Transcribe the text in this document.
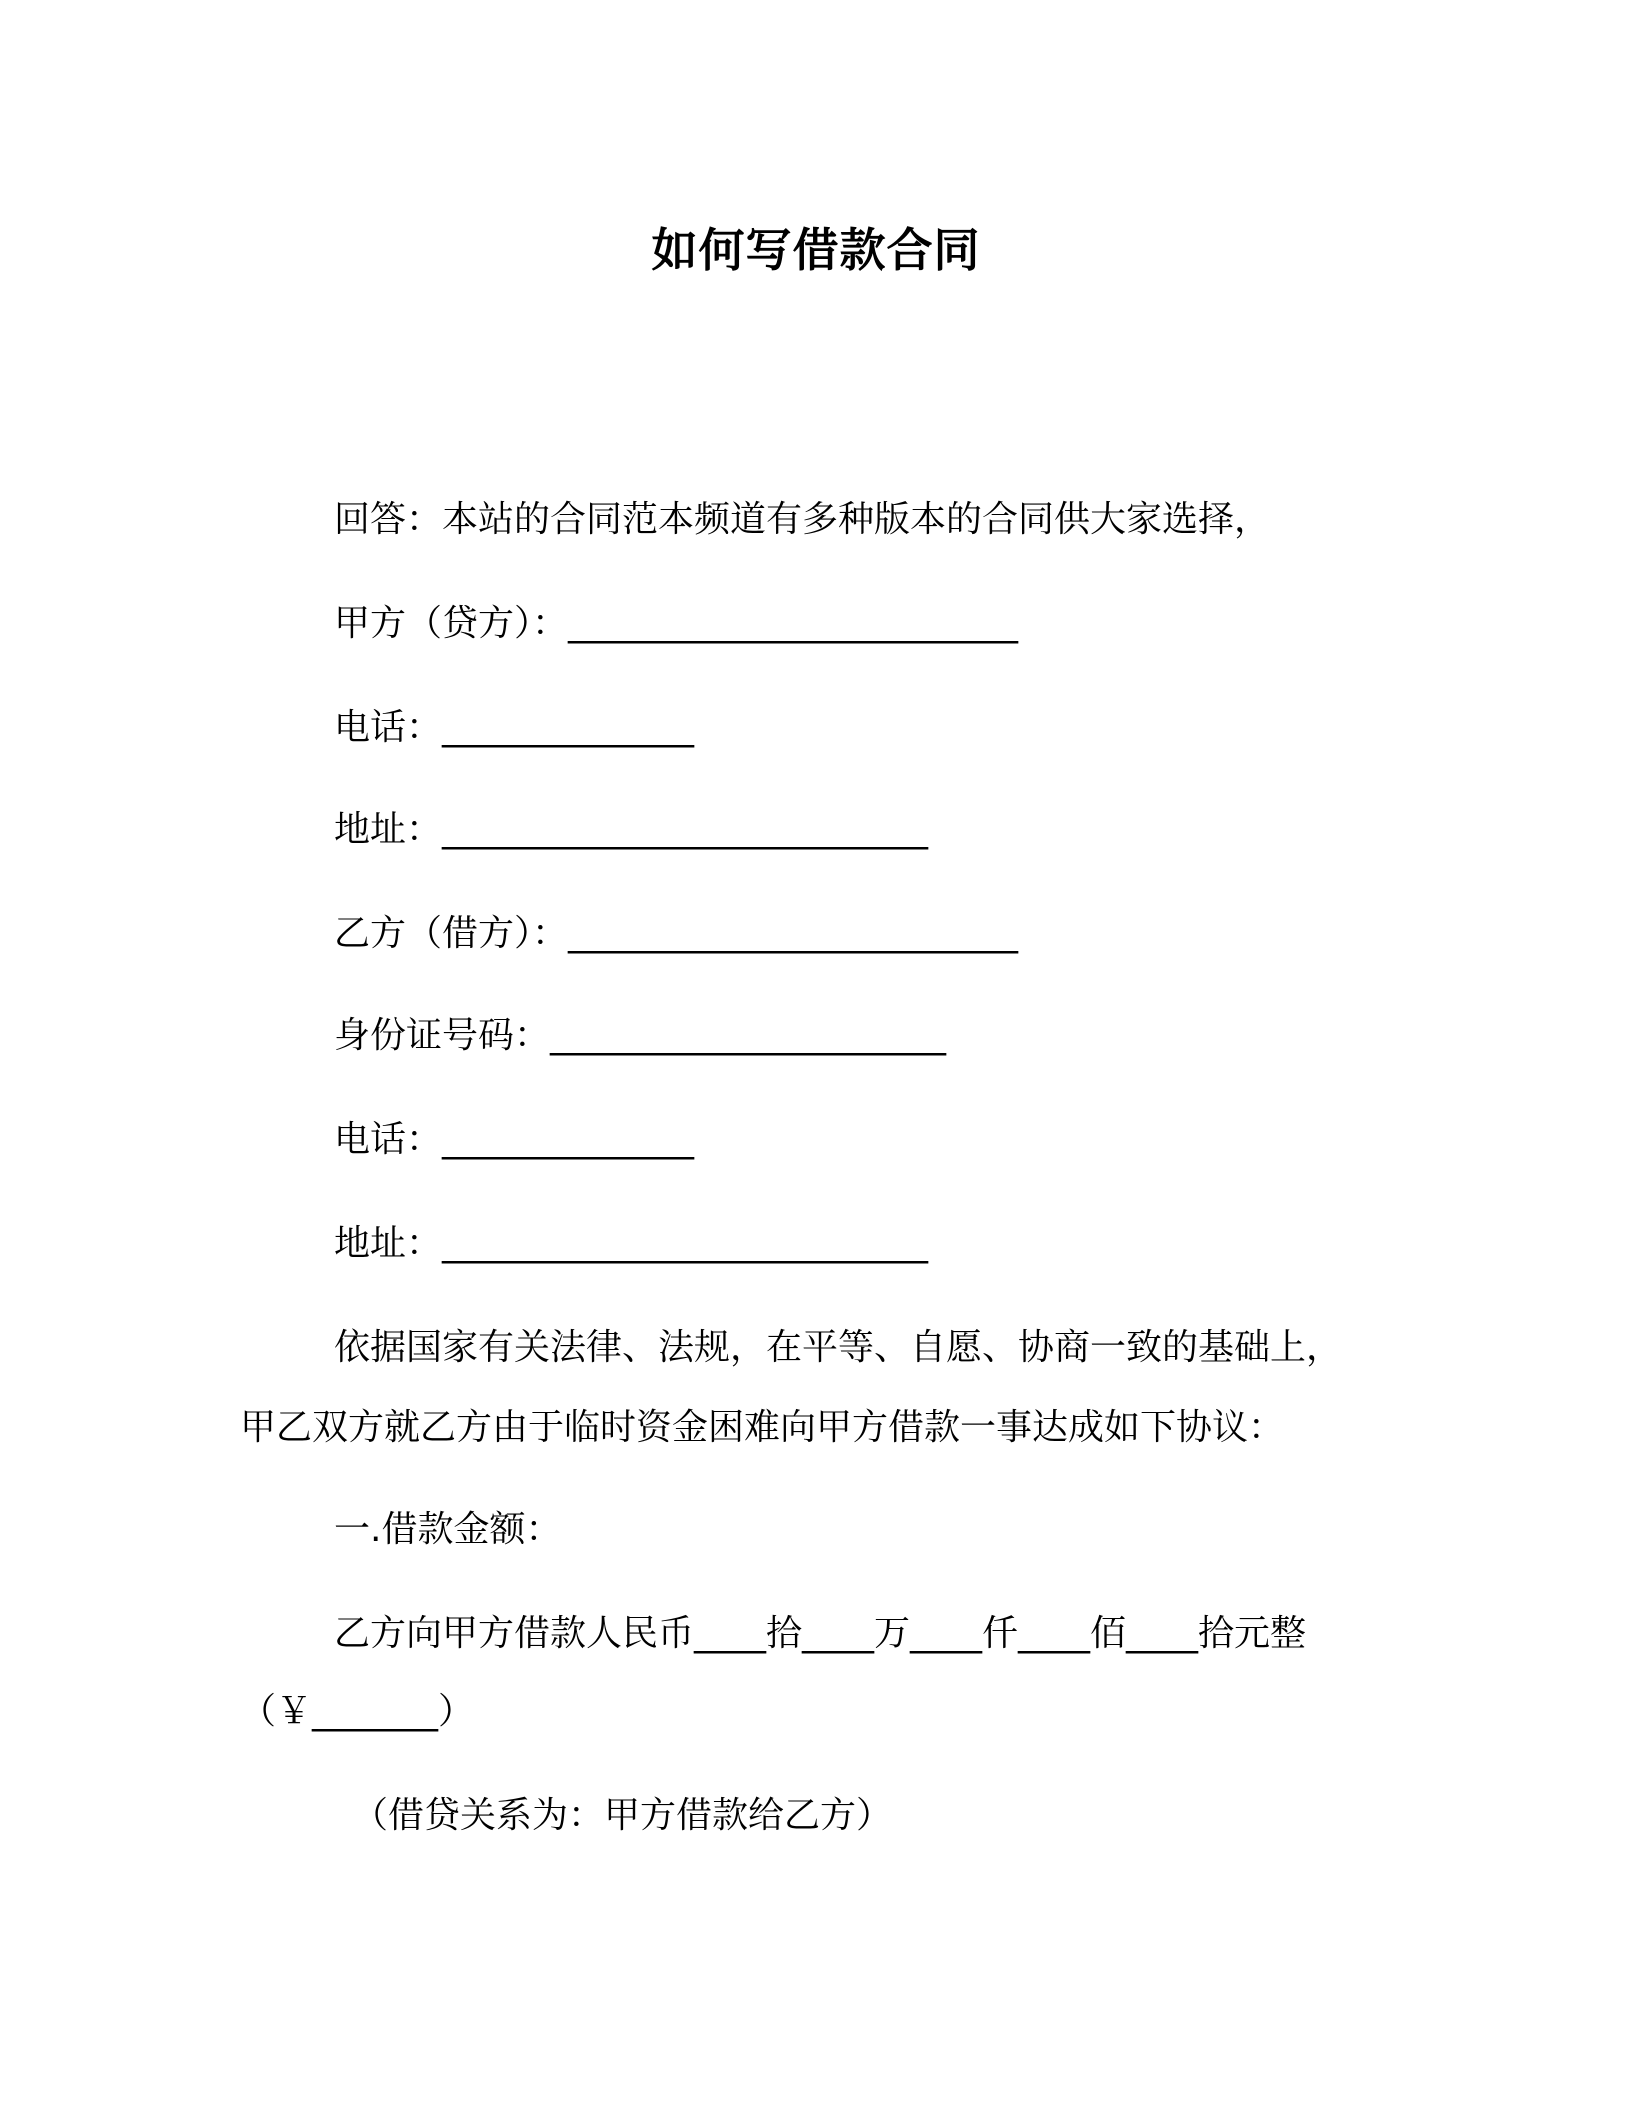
如何写借款合同
回答：本站的合同范本频道有多种版本的合同供大家选择，
甲方（贷方）：_________________________
电话：______________
地址：___________________________
乙方（借方）：_________________________
身份证号码：______________________
电话：______________
地址：___________________________
依据国家有关法律、法规，在平等、自愿、协商一致的基础上，
甲乙双方就乙方由于临时资金困难向甲方借款一事达成如下协议：
一.借款金额：
乙方向甲方借款人民币____拾____万____仟____佰____拾元整
（￥_______）
（借贷关系为：甲方借款给乙方）
